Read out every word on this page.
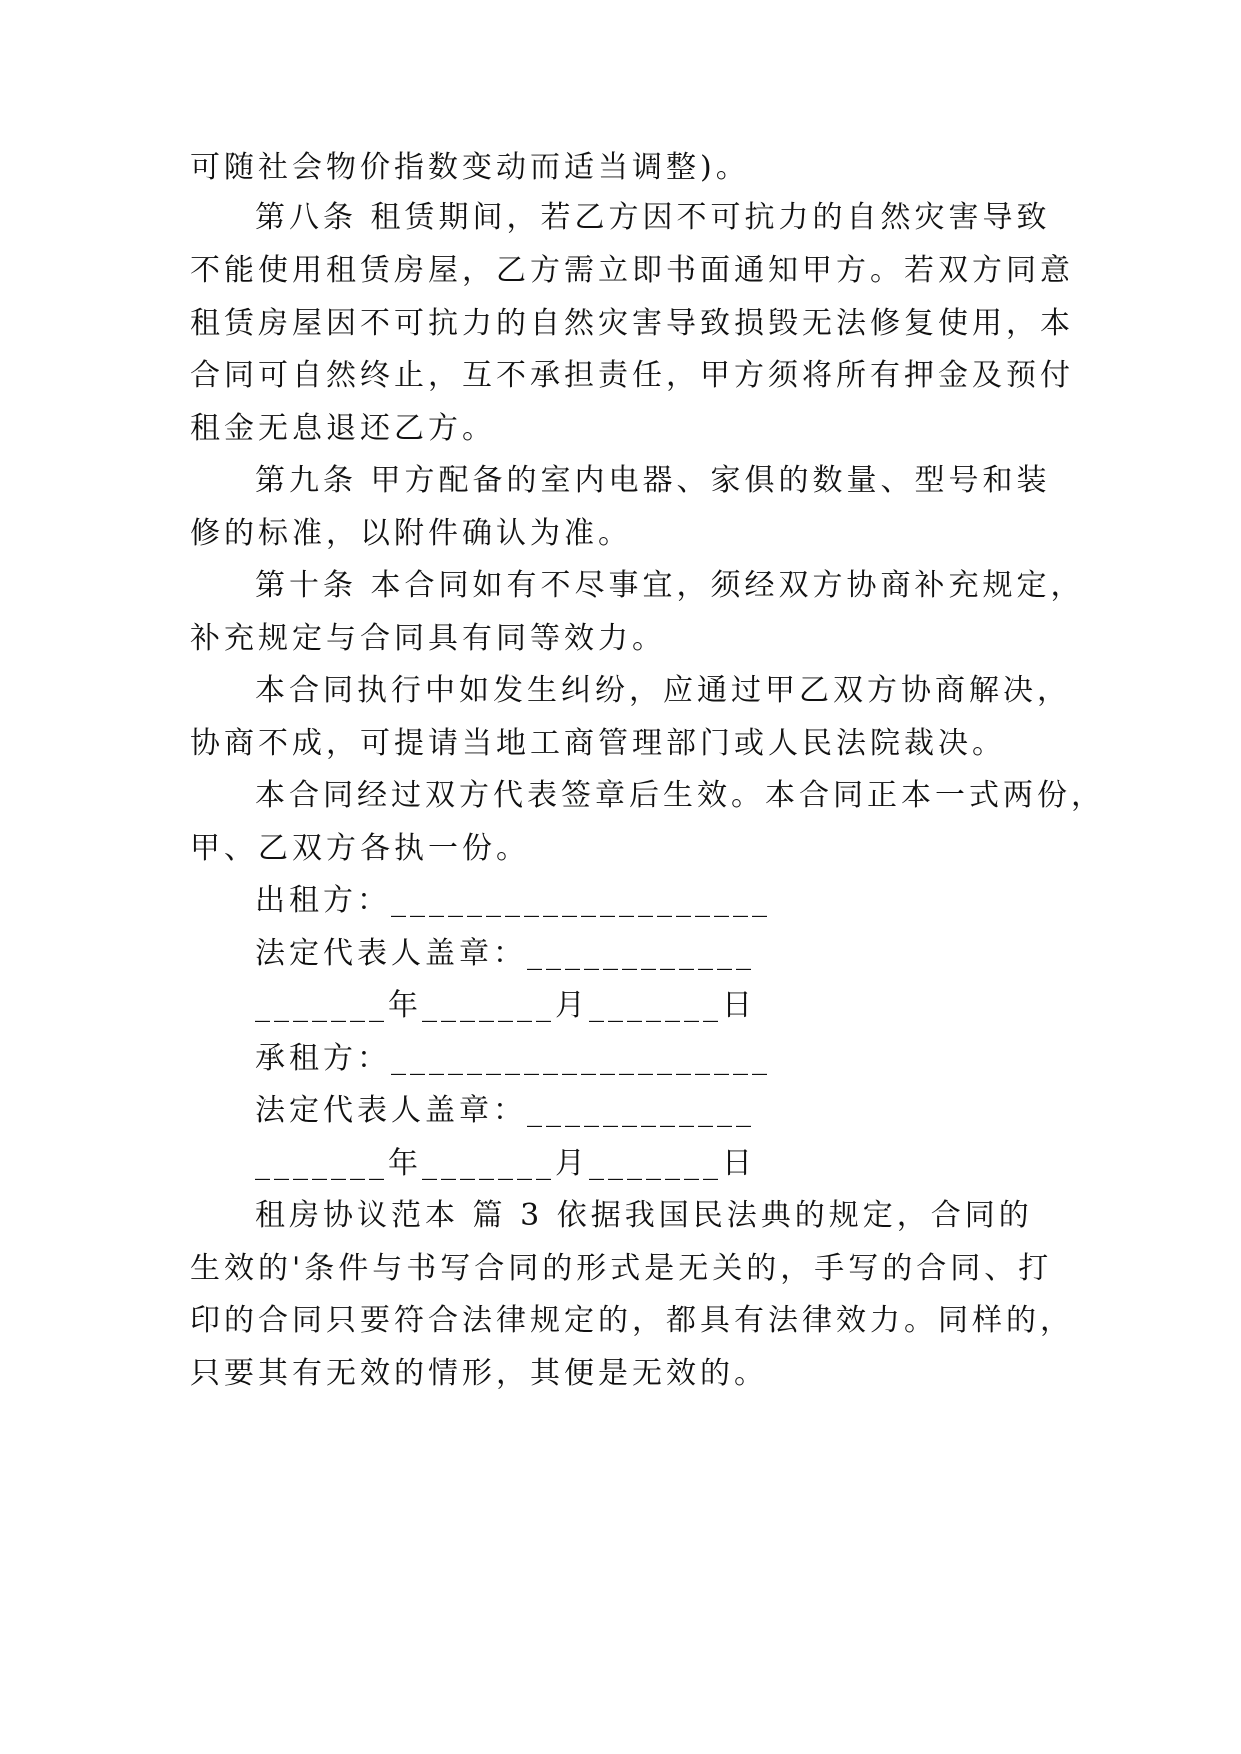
可随社会物价指数变动而适当调整)。
第八条 租赁期间，若乙方因不可抗力的自然灾害导致
不能使用租赁房屋，乙方需立即书面通知甲方。若双方同意
租赁房屋因不可抗力的自然灾害导致损毁无法修复使用，本
合同可自然终止，互不承担责任，甲方须将所有押金及预付
租金无息退还乙方。
第九条 甲方配备的室内电器、家俱的数量、型号和装
修的标准，以附件确认为准。
第十条 本合同如有不尽事宜，须经双方协商补充规定，
补充规定与合同具有同等效力。
本合同执行中如发生纠纷，应通过甲乙双方协商解决，
协商不成，可提请当地工商管理部门或人民法院裁决。
本合同经过双方代表签章后生效。本合同正本一式两份，
甲、乙双方各执一份。
出租方：____________________
法定代表人盖章：____________
_______年_______月_______日
承租方：____________________
法定代表人盖章：____________
_______年_______月_______日
租房协议范本 篇 3 依据我国民法典的规定，合同的
生效的'条件与书写合同的形式是无关的，手写的合同、打
印的合同只要符合法律规定的，都具有法律效力。同样的，
只要其有无效的情形，其便是无效的。
